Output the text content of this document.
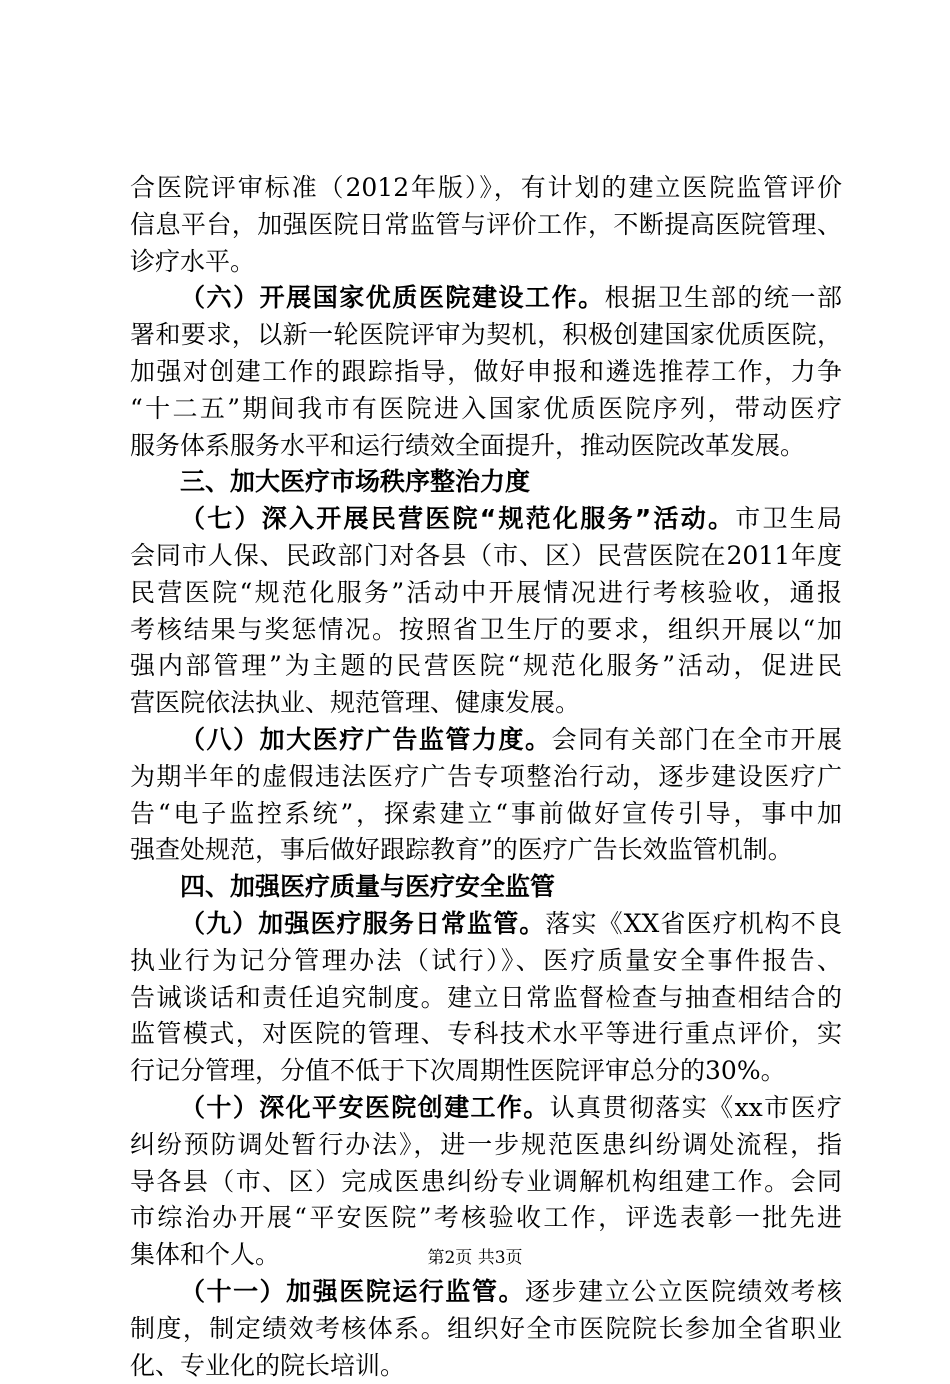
合医院评审标准（2012年版）》，有计划的建立医院监管评价
信息平台，加强医院日常监管与评价工作，不断提高医院管理、
诊疗水平。
（六）开展国家优质医院建设工作。根据卫生部的统一部
署和要求，以新一轮医院评审为契机，积极创建国家优质医院，
加强对创建工作的跟踪指导，做好申报和遴选推荐工作，力争
“十二五”期间我市有医院进入国家优质医院序列，带动医疗
服务体系服务水平和运行绩效全面提升，推动医院改革发展。
三、加大医疗市场秩序整治力度
（七）深入开展民营医院“规范化服务”活动。市卫生局
会同市人保、民政部门对各县（市、区）民营医院在2011年度
民营医院“规范化服务”活动中开展情况进行考核验收，通报
考核结果与奖惩情况。按照省卫生厅的要求，组织开展以“加
强内部管理”为主题的民营医院“规范化服务”活动，促进民
营医院依法执业、规范管理、健康发展。
（八）加大医疗广告监管力度。会同有关部门在全市开展
为期半年的虚假违法医疗广告专项整治行动，逐步建设医疗广
告“电子监控系统”，探索建立“事前做好宣传引导，事中加
强查处规范，事后做好跟踪教育”的医疗广告长效监管机制。
四、加强医疗质量与医疗安全监管
（九）加强医疗服务日常监管。落实《XX省医疗机构不良
执业行为记分管理办法（试行）》、医疗质量安全事件报告、
告诫谈话和责任追究制度。建立日常监督检查与抽查相结合的
监管模式，对医院的管理、专科技术水平等进行重点评价，实
行记分管理，分值不低于下次周期性医院评审总分的30%。
（十）深化平安医院创建工作。认真贯彻落实《xx市医疗
纠纷预防调处暂行办法》，进一步规范医患纠纷调处流程，指
导各县（市、区）完成医患纠纷专业调解机构组建工作。会同
市综治办开展“平安医院”考核验收工作，评选表彰一批先进
集体和个人。
（十一）加强医院运行监管。逐步建立公立医院绩效考核
制度，制定绩效考核体系。组织好全市医院院长参加全省职业
化、专业化的院长培训。
第2页 共3页
